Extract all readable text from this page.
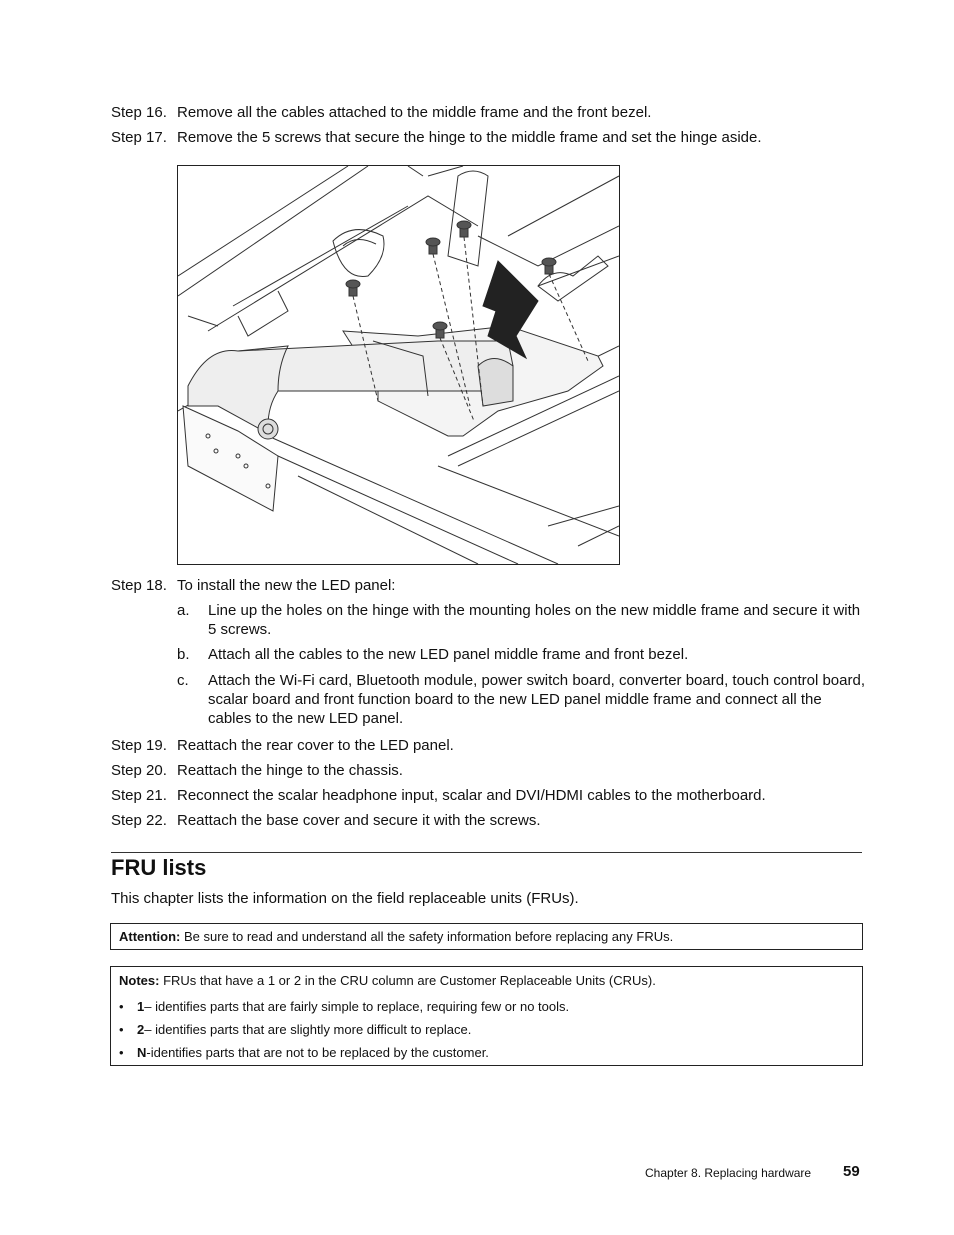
Step 16. Remove all the cables attached to the middle frame and the front bezel.
Step 17. Remove the 5 screws that secure the hinge to the middle frame and set the hinge aside.
Step 18. To install the new the LED panel:
a. Line up the holes on the hinge with the mounting holes on the new middle frame and secure it with 5 screws.
b. Attach all the cables to the new LED panel middle frame and front bezel.
c. Attach the Wi-Fi card, Bluetooth module, power switch board, converter board, touch control board, scalar board and front function board to the new LED panel middle frame and connect all the cables to the new LED panel.
Step 19. Reattach the rear cover to the LED panel.
Step 20. Reattach the hinge to the chassis.
Step 21. Reconnect the scalar headphone input, scalar and DVI/HDMI cables to the motherboard.
Step 22. Reattach the base cover and secure it with the screws.
FRU lists
This chapter lists the information on the field replaceable units (FRUs).
Attention: Be sure to read and understand all the safety information before replacing any FRUs.
Notes: FRUs that have a 1 or 2 in the CRU column are Customer Replaceable Units (CRUs).
• 1– identifies parts that are fairly simple to replace, requiring few or no tools.
• 2– identifies parts that are slightly more difficult to replace.
• N-identifies parts that are not to be replaced by the customer.
Chapter 8. Replacing hardware 59
